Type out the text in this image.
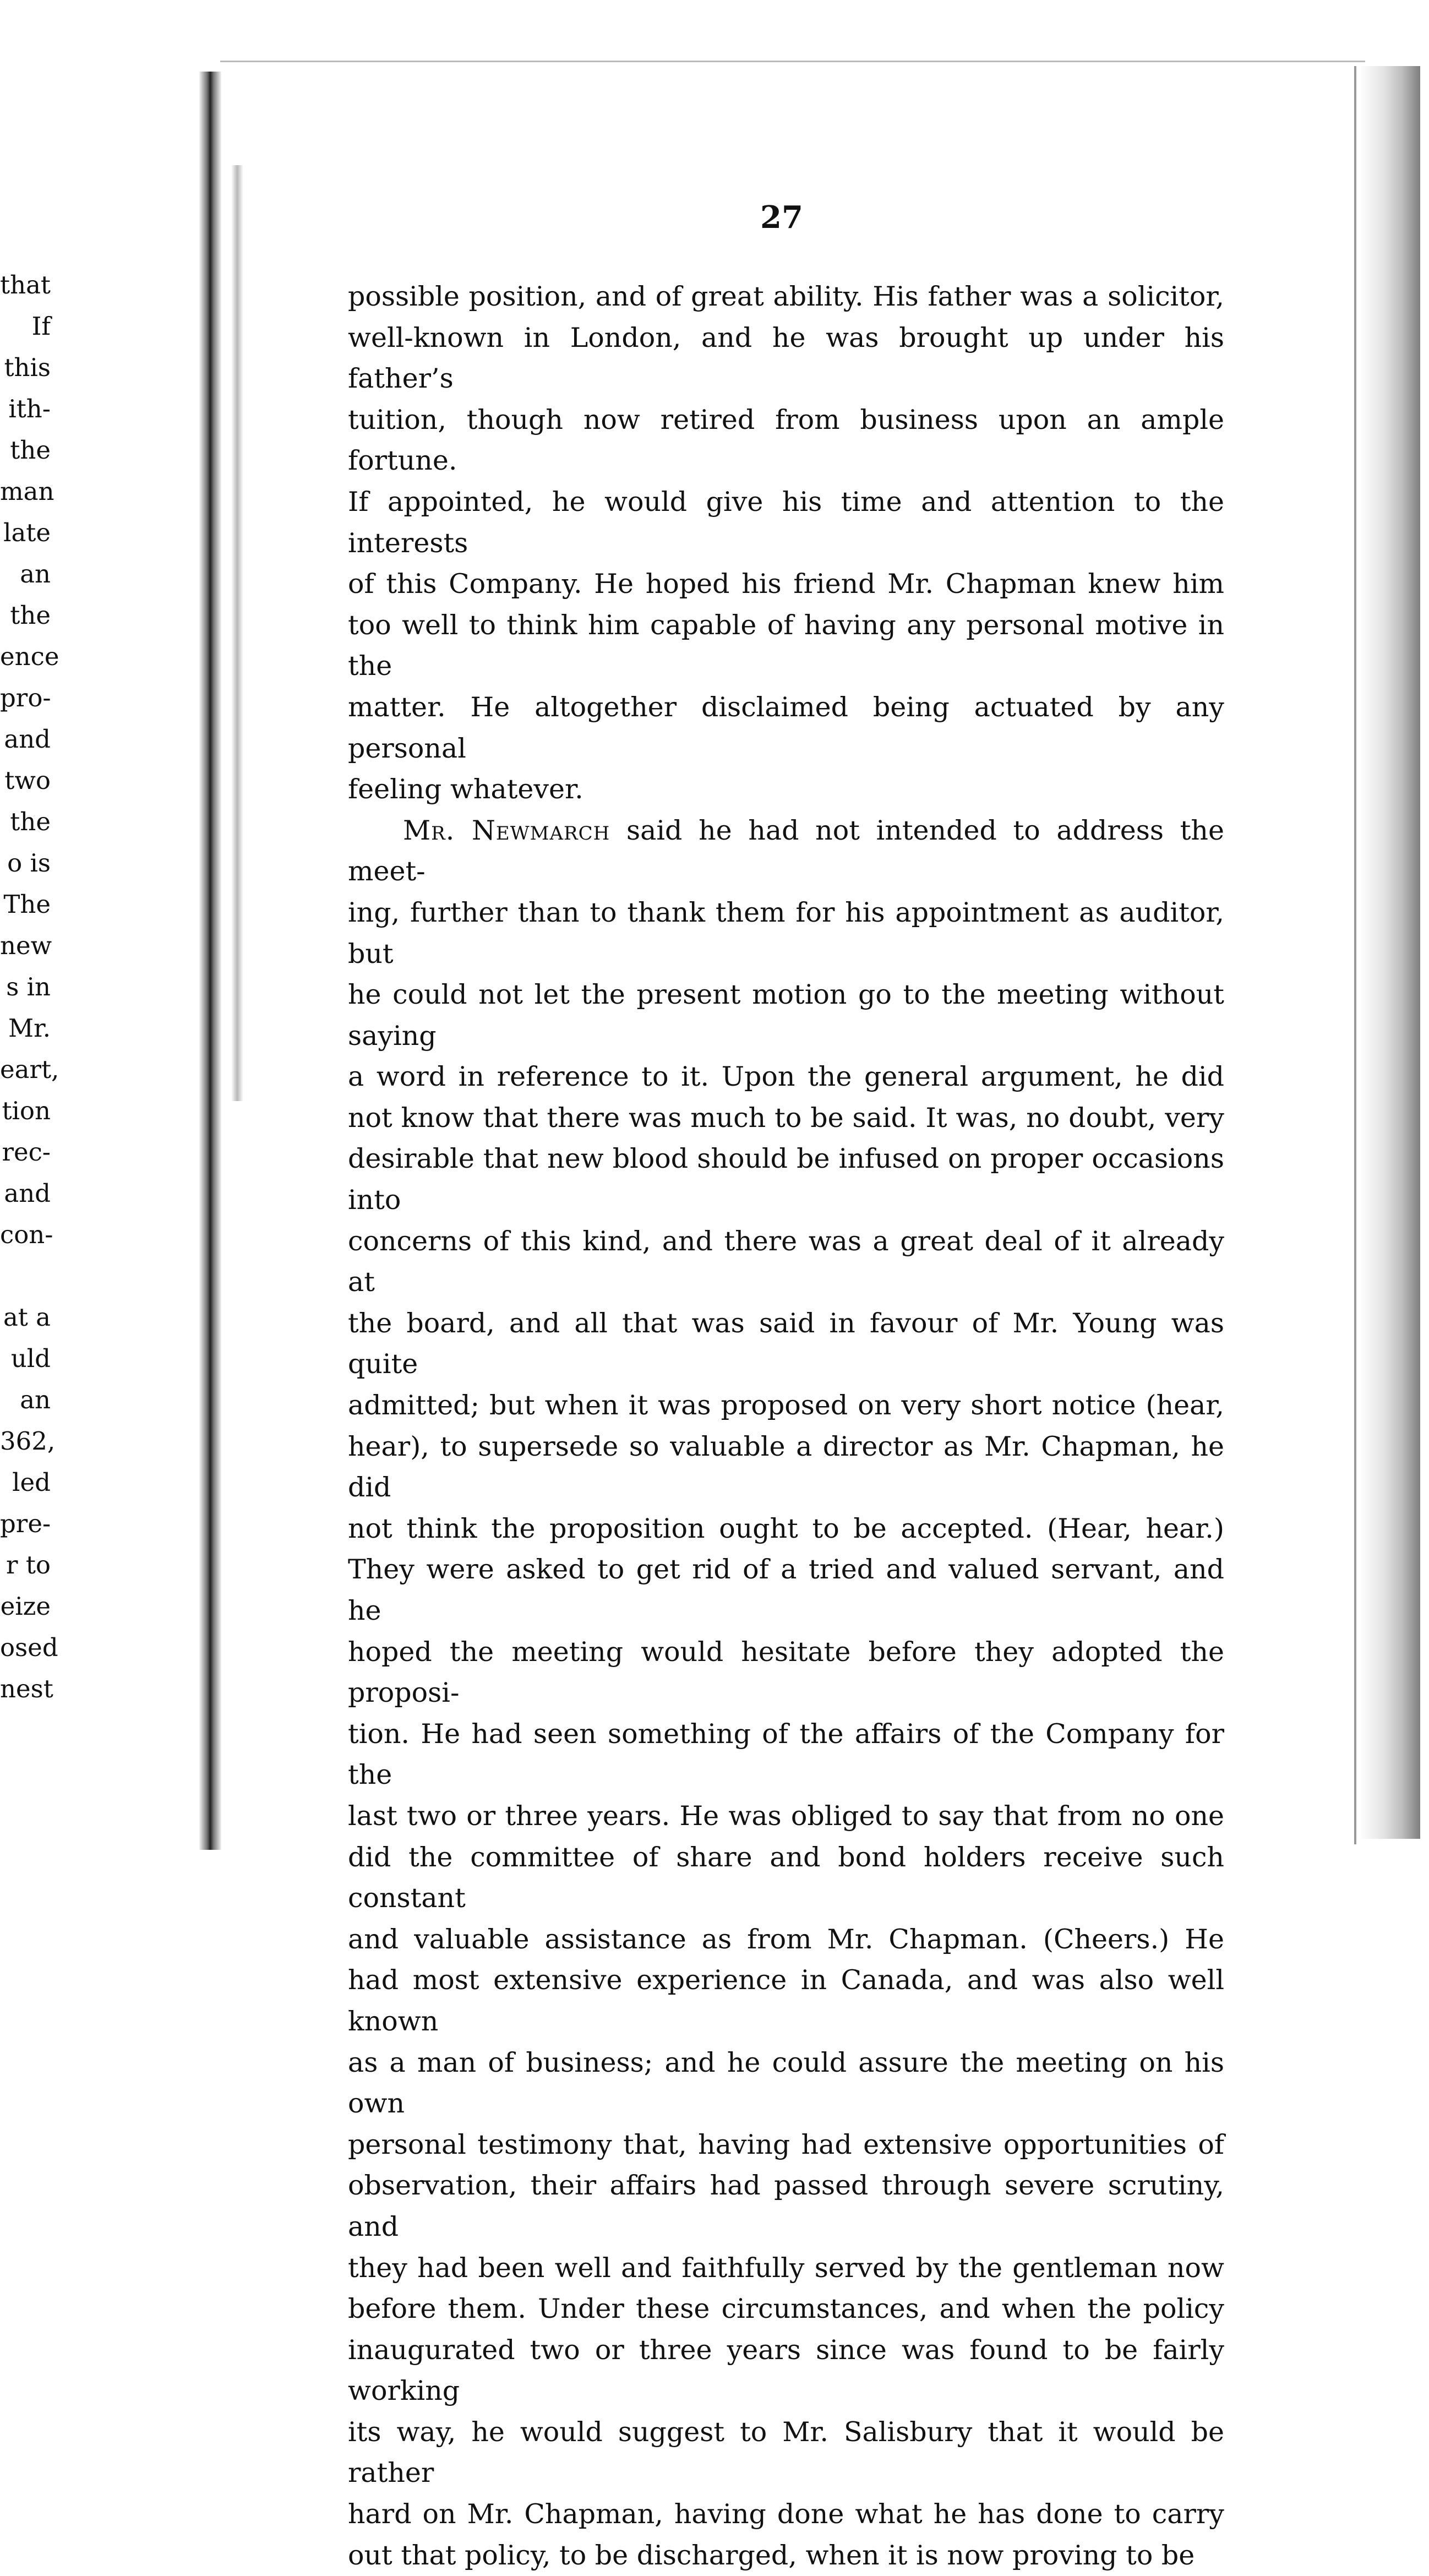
that
If
this
ith-
the
man
late
an
the
ence
pro-
and
two
the
o is
The
new
s in
Mr.
eart,
tion
rec-
and
con-
at a
uld
an
362,
led
pre-
r to
eize
osed
nest
27

possible position, and of great ability. His father was a solicitor,

well-known in London, and he was brought up under his father’s

tuition, though now retired from business upon an ample fortune.

If appointed, he would give his time and attention to the interests

of this Company. He hoped his friend Mr. Chapman knew him

too well to think him capable of having any personal motive in the

matter. He altogether disclaimed being actuated by any personal

feeling whatever.

Mr. Newmarch said he had not intended to address the meet-

ing, further than to thank them for his appointment as auditor, but

he could not let the present motion go to the meeting without saying

a word in reference to it. Upon the general argument, he did

not know that there was much to be said. It was, no doubt, very

desirable that new blood should be infused on proper occasions into

concerns of this kind, and there was a great deal of it already at

the board, and all that was said in favour of Mr. Young was quite

admitted; but when it was proposed on very short notice (hear,

hear), to supersede so valuable a director as Mr. Chapman, he did

not think the proposition ought to be accepted. (Hear, hear.)

They were asked to get rid of a tried and valued servant, and he

hoped the meeting would hesitate before they adopted the proposi-

tion. He had seen something of the affairs of the Company for the

last two or three years. He was obliged to say that from no one

did the committee of share and bond holders receive such constant

and valuable assistance as from Mr. Chapman. (Cheers.) He

had most extensive experience in Canada, and was also well known

as a man of business; and he could assure the meeting on his own

personal testimony that, having had extensive opportunities of

observation, their affairs had passed through severe scrutiny, and

they had been well and faithfully served by the gentleman now

before them. Under these circumstances, and when the policy

inaugurated two or three years since was found to be fairly working

its way, he would suggest to Mr. Salisbury that it would be rather

hard on Mr. Chapman, having done what he has done to carry

out that policy, to be discharged, when it is now proving to be
